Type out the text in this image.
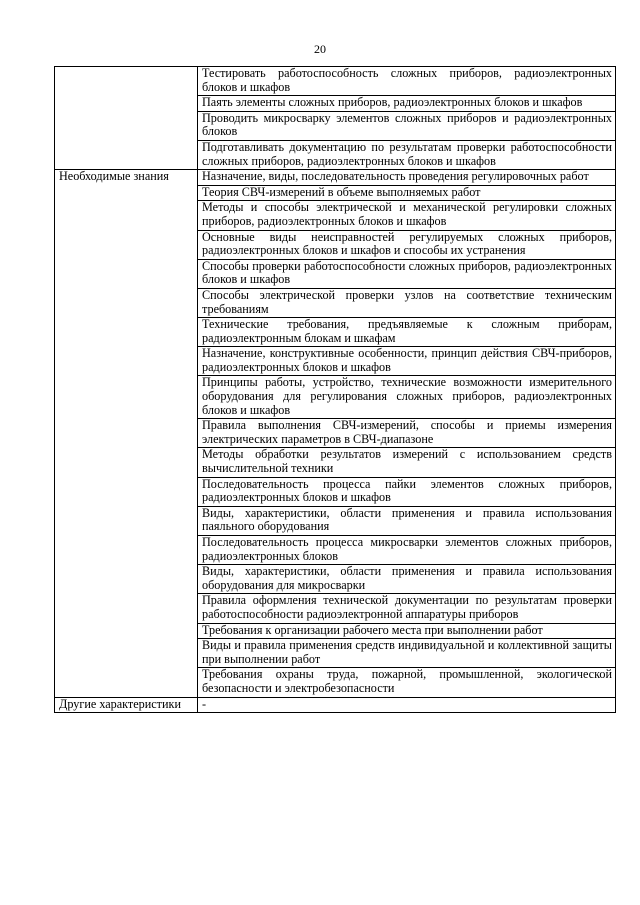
20
	Тестировать работоспособность сложных приборов, радиоэлектронных блоков и шкафов
	Паять элементы сложных приборов, радиоэлектронных блоков и шкафов
	Проводить микросварку элементов сложных приборов и радиоэлектронных блоков
	Подготавливать документацию по результатам проверки работоспособности сложных приборов, радиоэлектронных блоков и шкафов
Необходимые знания	Назначение, виды, последовательность проведения регулировочных работ
	Теория СВЧ-измерений в объеме выполняемых работ
	Методы и способы электрической и механической регулировки сложных приборов, радиоэлектронных блоков и шкафов
	Основные виды неисправностей регулируемых сложных приборов, радиоэлектронных блоков и шкафов и способы их устранения
	Способы проверки работоспособности сложных приборов, радиоэлектронных блоков и шкафов
	Способы электрической проверки узлов на соответствие техническим требованиям
	Технические требования, предъявляемые к сложным приборам, радиоэлектронным блокам и шкафам
	Назначение, конструктивные особенности, принцип действия СВЧ-приборов, радиоэлектронных блоков и шкафов
	Принципы работы, устройство, технические возможности измерительного оборудования для регулирования сложных приборов, радиоэлектронных блоков и шкафов
	Правила выполнения СВЧ-измерений, способы и приемы измерения электрических параметров в СВЧ-диапазоне
	Методы обработки результатов измерений с использованием средств вычислительной техники
	Последовательность процесса пайки элементов сложных приборов, радиоэлектронных блоков и шкафов
	Виды, характеристики, области применения и правила использования паяльного оборудования
	Последовательность процесса микросварки элементов сложных приборов, радиоэлектронных блоков
	Виды, характеристики, области применения и правила использования оборудования для микросварки
	Правила оформления технической документации по результатам проверки работоспособности радиоэлектронной аппаратуры приборов
	Требования к организации рабочего места при выполнении работ
	Виды и правила применения средств индивидуальной и коллективной защиты при выполнении работ
	Требования охраны труда, пожарной, промышленной, экологической безопасности и электробезопасности
Другие характеристики	-
